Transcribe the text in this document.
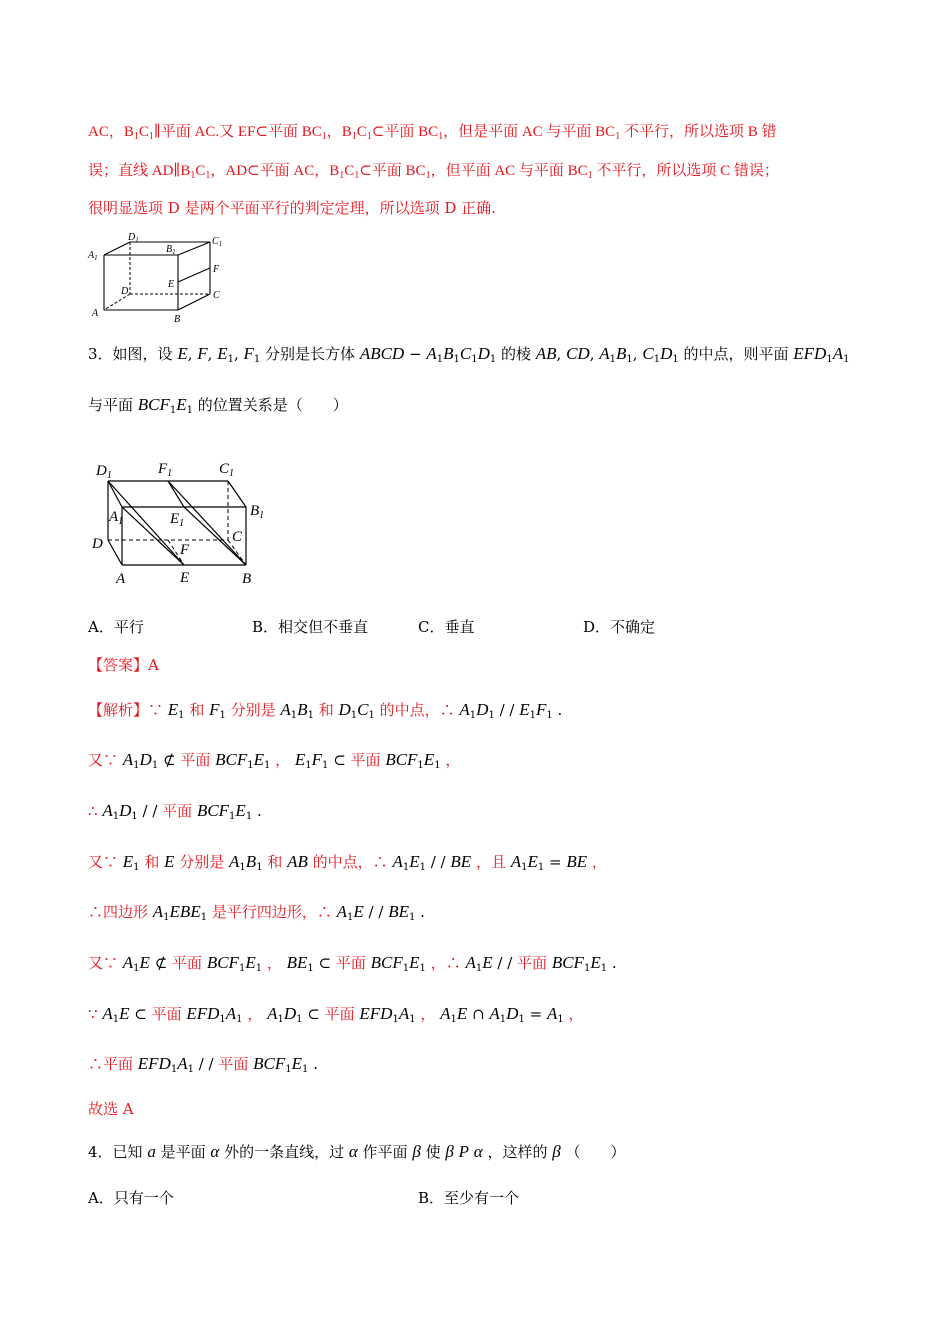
AC，$B_1C_1\parallel$平面 AC.又 EF⊂平面 $BC_1$，$B_1C_1\subset$平面 $BC_1$，但是平面 AC 与平面 $BC_1$ 不平行，所以选项 B 错
误；直线 $AD\parallel B_1C_1$，AD⊂平面 AC，$B_1C_1\subset$平面 $BC_1$，但平面 AC 与平面 $BC_1$ 不平行，所以选项 C 错误；
很明显选项 D 是两个平面平行的判定定理，所以选项 D 正确.
$A_1$
$D_1$
$B_1$
$C_1$
F
E
D	C
A
B
3．如图，设 E, F, $E_1$, $F_1$ 分别是长方体 ABCD − $A_1B_1C_1D_1$ 的棱 AB, CD, $A_1B_1$, $C_1D_1$ 的中点，则平面 $EFD_1A_1$
与平面 $BCF_1E_1$ 的位置关系是（　　）
$D_1$	$F_1$	$C_1$
$A_1$	$E_1$
$B_1$
D	C
F
A	E	B
A．平行	B．相交但不垂直	C．垂直	D．不确定
【答案】A
【解析】∵ $E_1$ 和 $F_1$ 分别是 $A_1B_1$ 和 $D_1C_1$ 的中点，∴ $A_1D_1$ / / $E_1F_1$ .
又∵ $A_1D_1$ ⊄ 平面 $BCF_1E_1$ ， $E_1F_1$ ⊂ 平面 $BCF_1E_1$ ，
∴ $A_1D_1$ / / 平面 $BCF_1E_1$ .
又∵ $E_1$ 和 E 分别是 $A_1B_1$ 和 AB 的中点，∴ $A_1E_1$ / / BE ，且 $A_1E_1$ = BE ，
∴四边形 $A_1EBE_1$ 是平行四边形，∴ $A_1E$ / / $BE_1$ .
又∵ $A_1E$ ⊄ 平面 $BCF_1E_1$ ， $BE_1$ ⊂ 平面 $BCF_1E_1$ ，∴ $A_1E$ / / 平面 $BCF_1E_1$ .
∵ $A_1E$ ⊂ 平面 $EFD_1A_1$ ， $A_1D_1$ ⊂ 平面 $EFD_1A_1$ ， $A_1E$ ∩ $A_1D_1 = A_1$ ，
∴平面 $EFD_1A_1$ / / 平面 $BCF_1E_1$ .
故选 A
4．已知 a 是平面 α 外的一条直线，过 α 作平面 β 使 β P α ，这样的 β （　　）
A．只有一个	B．至少有一个
